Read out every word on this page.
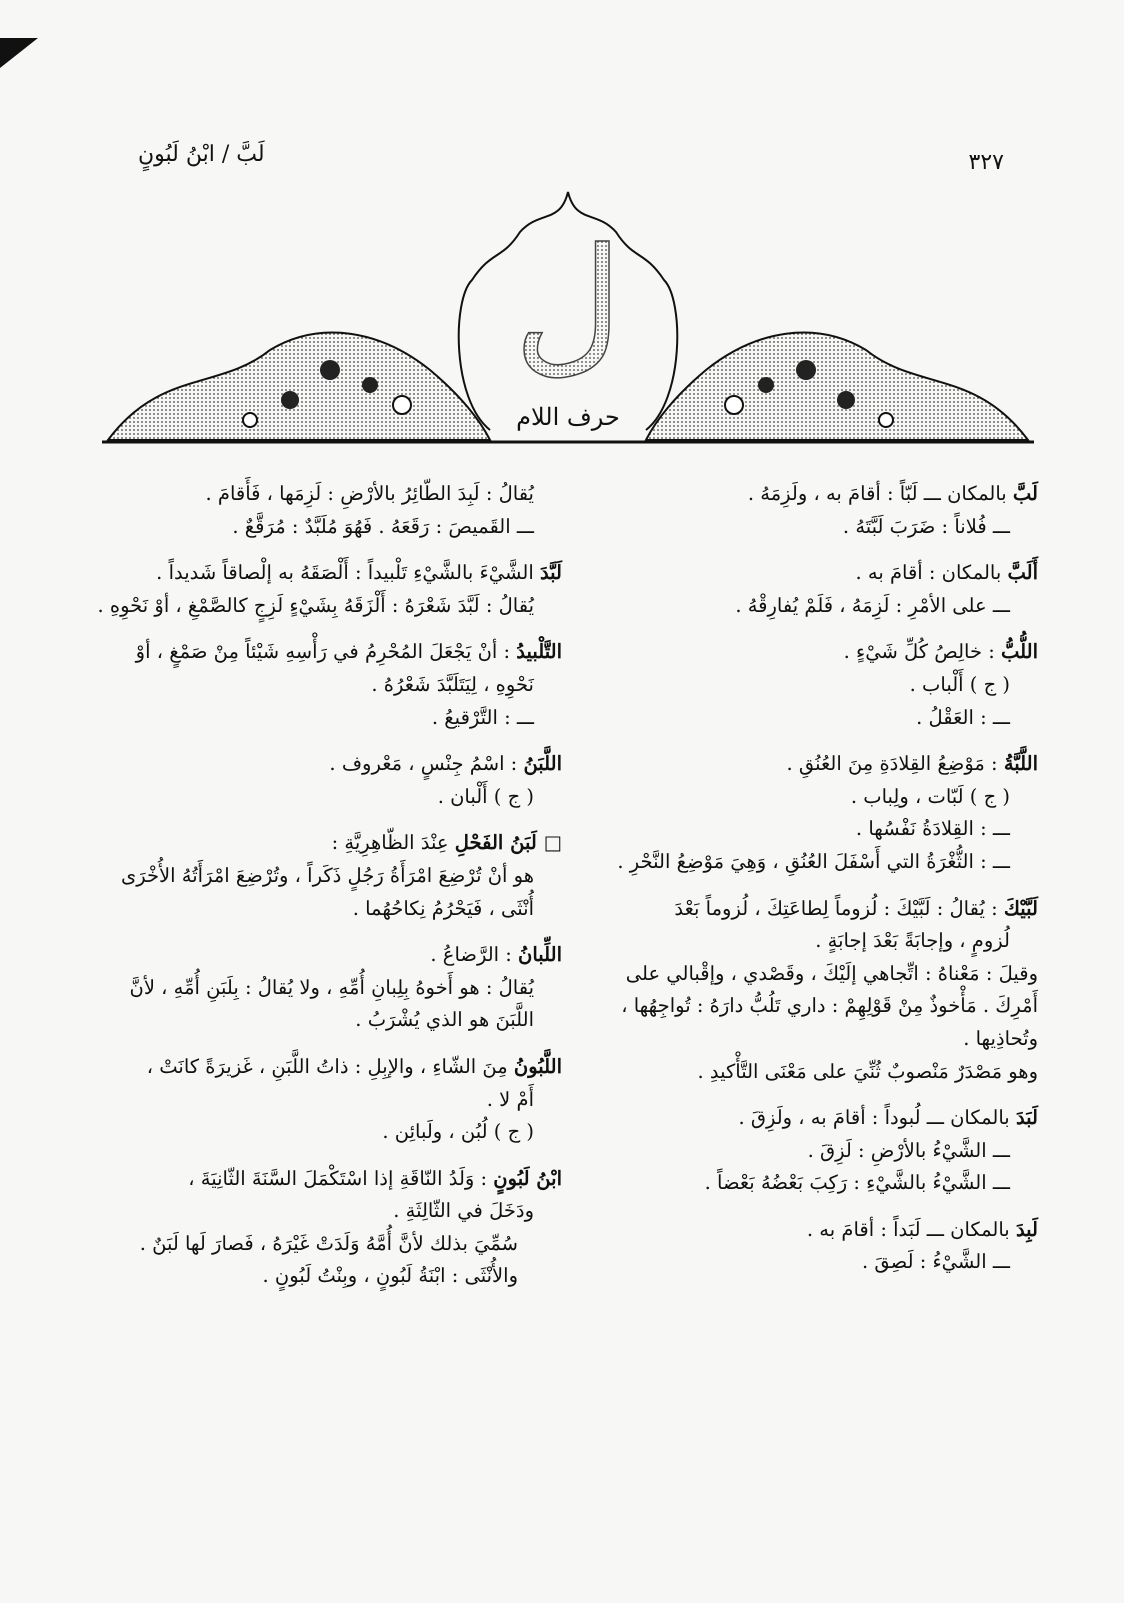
لَبَّ / ابْنُ لَبُونٍ	٣٢٧
ل
حرف اللام
لَبَّ بالمكان ـــ لَبّاً : أقامَ به ، ولَزِمَهُ .
ـــ فُلاناً : ضَرَبَ لَبَّتَهُ .
أَلَبَّ بالمكان : أقامَ به .
ـــ على الأمْرِ : لَزِمَهُ ، فَلَمْ يُفارِقْهُ .
اللُّبُّ : خالِصُ كُلِّ شَيْءٍ .
( ج ) أَلْباب .
ـــ : العَقْلُ .
اللَّبَّةُ : مَوْضِعُ القِلادَةِ مِنَ العُنُقِ .
( ج ) لَبّات ، ولِباب .
ـــ : القِلادَةُ نَفْسُها .
ـــ : الثُّغْرَةُ التي أَسْفَلَ العُنُقِ ، وَهِيَ مَوْضِعُ النَّحْرِ .
لَبَّيْكَ : يُقالُ : لَبَّيْكَ : لُزوماً لِطاعَتِكَ ، لُزوماً بَعْدَ
لُزومٍ ، وإجابَةً بَعْدَ إجابَةٍ .
وقيلَ : مَعْناهُ : اتِّجاهي إلَيْكَ ، وقَصْدي ، وإقْبالي على
أَمْرِكَ . مَأْخوذٌ مِنْ قَوْلِهِمْ : داري تَلُبُّ دارَهُ : تُواجِهُها ،
وتُحاذِيها .
وهو مَصْدَرٌ مَنْصوبٌ ثُنِّيَ على مَعْنَى التَّأْكيدِ .
لَبَدَ بالمكان ـــ لُبوداً : أقامَ به ، ولَزِقَ .
ـــ الشَّيْءُ بالأرْضِ : لَزِقَ .
ـــ الشَّيْءُ بالشَّيْءِ : رَكِبَ بَعْضُهُ بَعْضاً .
لَبِدَ بالمكان ـــ لَبَداً : أقامَ به .
ـــ الشَّيْءُ : لَصِقَ .
يُقالُ : لَبِدَ الطّائِرُ بالأرْضِ : لَزِمَها ، فَأَقامَ .
ـــ القَميصَ : رَقَعَهُ . فَهُوَ مُلَبَّدٌ : مُرَقَّعٌ .
لَبَّدَ الشَّيْءَ بالشَّيْءِ تَلْبيداً : أَلْصَقَهُ به إلْصاقاً شَديداً .
يُقالُ : لَبَّدَ شَعْرَهُ : أَلْزَقَهُ بِشَيْءٍ لَزِجٍ كالصَّمْغِ ، أوْ نَحْوِهِ .
التَّلْبيدُ : أنْ يَجْعَلَ المُحْرِمُ في رَأْسِهِ شَيْئاً مِنْ صَمْغٍ ، أوْ
نَحْوِهِ ، لِيَتَلَبَّدَ شَعْرُهُ .
ـــ : التَّرْقيعُ .
اللَّبَنُ : اسْمُ جِنْسٍ ، مَعْروف .
( ج ) أَلْبان .
□ لَبَنُ الفَحْلِ عِنْدَ الظّاهِرِيَّةِ :
هو أنْ تُرْضِعَ امْرَأَةُ رَجُلٍ ذَكَراً ، وتُرْضِعَ امْرَأَتُهُ الأُخْرَى
أُنْثَى ، فَيَحْرُمُ نِكاحُهُما .
اللِّبانُ : الرَّضاعُ .
يُقالُ : هو أَخوهُ بِلِبانِ أُمِّهِ ، ولا يُقالُ : بِلَبَنِ أُمِّهِ ، لأنَّ
اللَّبَنَ هو الذي يُشْرَبُ .
اللَّبُونُ مِنَ الشّاءِ ، والإبِلِ : ذاتُ اللَّبَنِ ، غَزيرَةً كانَتْ ،
أَمْ لا .
( ج ) لُبُن ، ولَبائِن .
ابْنُ لَبُونٍ : وَلَدُ النّاقَةِ إذا اسْتَكْمَلَ السَّنَةَ الثّانِيَةَ ،
ودَخَلَ في الثّالِثَةِ .
سُمِّيَ بذلك لأنَّ أُمَّهُ وَلَدَتْ غَيْرَهُ ، فَصارَ لَها لَبَنٌ .
والأُنْثَى : ابْنَةُ لَبُونٍ ، وبِنْتُ لَبُونٍ .
